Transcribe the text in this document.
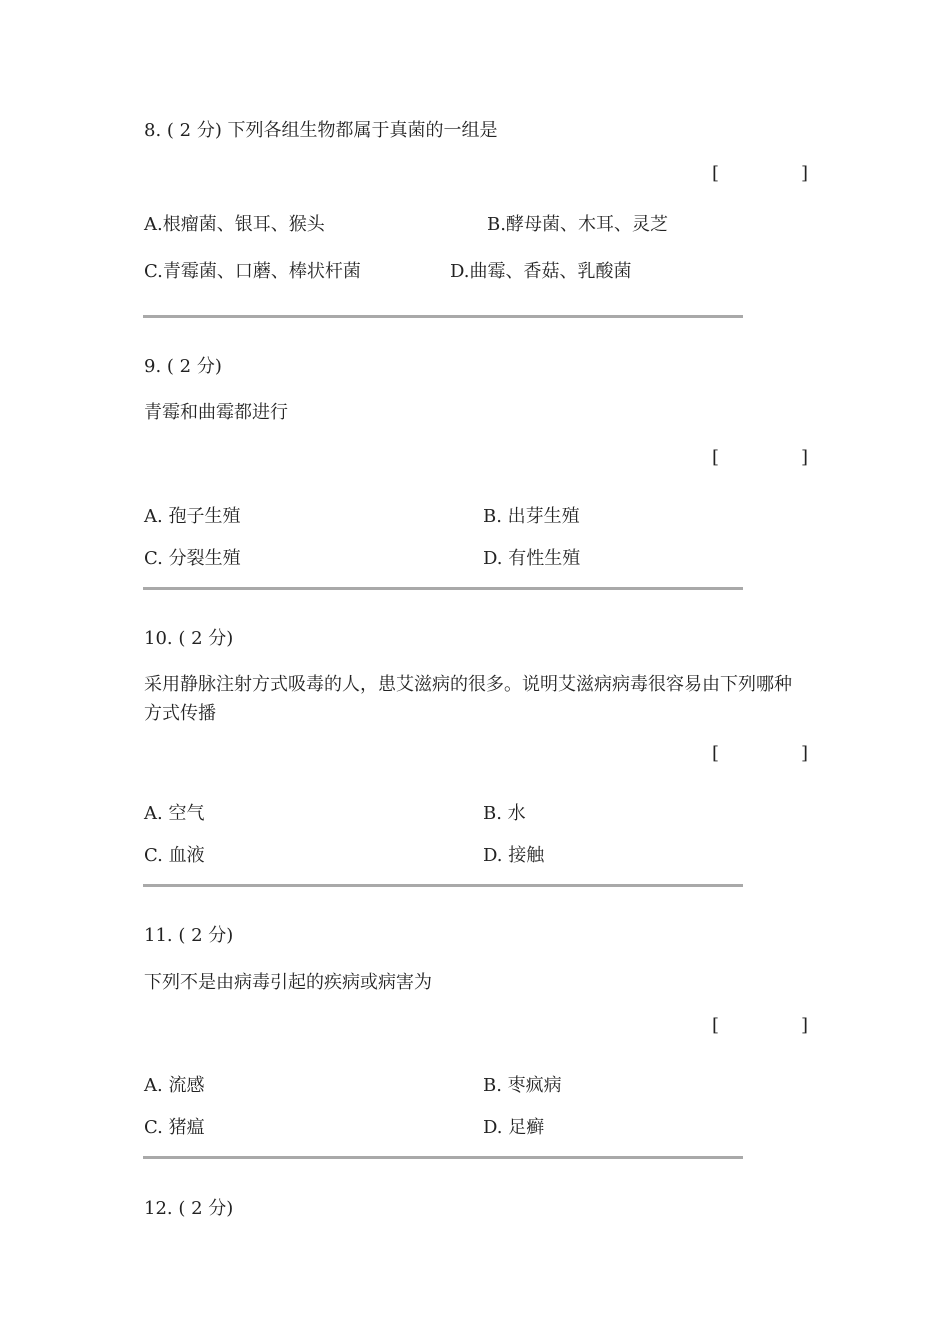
8. ( 2 分) 下列各组生物都属于真菌的一组是
[	]
A.根瘤菌、银耳、猴头	B.酵母菌、木耳、灵芝
C.青霉菌、口蘑、棒状杆菌	D.曲霉、香菇、乳酸菌
9. ( 2 分)
青霉和曲霉都进行
[	]
A. 孢子生殖	B. 出芽生殖
C. 分裂生殖	D. 有性生殖
10. ( 2 分)
采用静脉注射方式吸毒的人，患艾滋病的很多。说明艾滋病病毒很容易由下列哪种方式传播
[	]
A. 空气	B. 水
C. 血液	D. 接触
11. ( 2 分)
下列不是由病毒引起的疾病或病害为
[	]
A. 流感	B. 枣疯病
C. 猪瘟	D. 足癣
12. ( 2 分)
